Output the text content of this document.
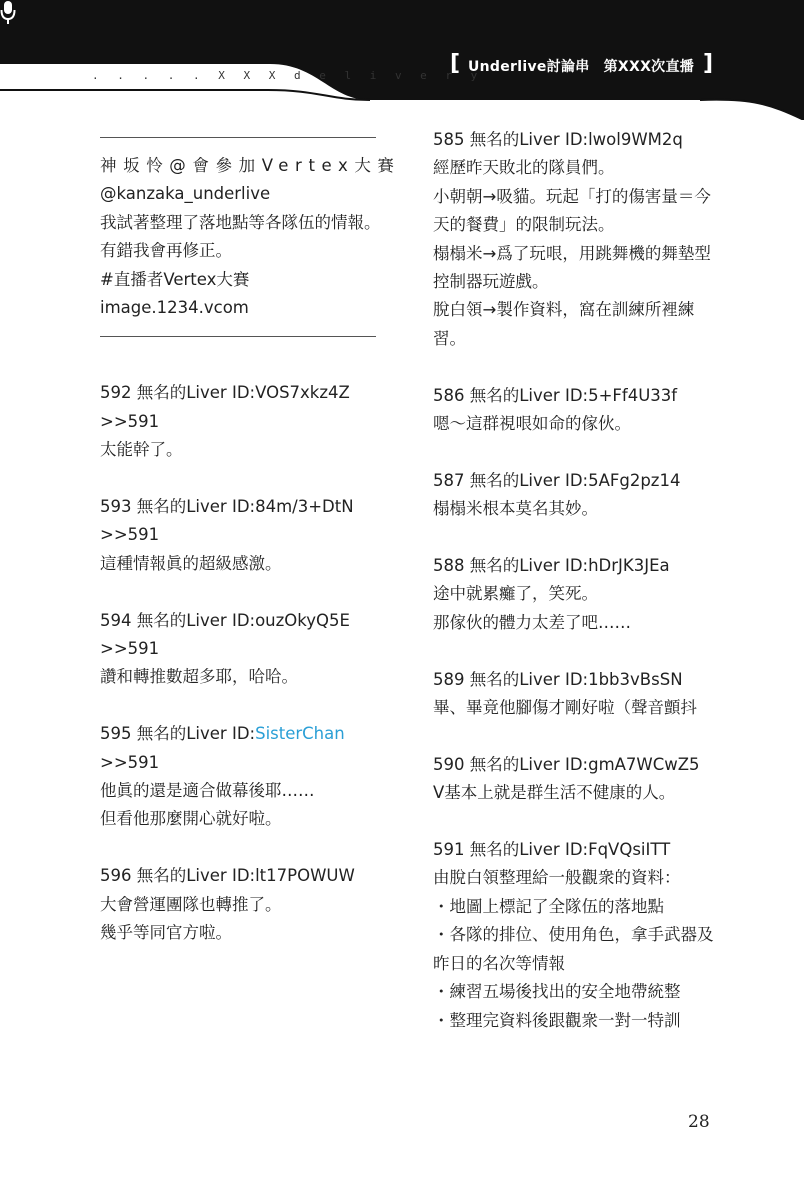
. . . . . X X X d e l i v e r y
[ Underlive討論串 第XXX次直播 ]
神坂怜@會參加Vertex大賽
@kanzaka_underlive
我試著整理了落地點等各隊伍的情報。
有錯我會再修正。
#直播者Vertex大賽
image.1234.vcom
592 無名的Liver ID:VOS7xkz4Z
>>591
太能幹了。
593 無名的Liver ID:84m/3+DtN
>>591
這種情報眞的超級感激。
594 無名的Liver ID:ouzOkyQ5E
>>591
讚和轉推數超多耶，哈哈。
595 無名的Liver ID:SisterChan
>>591
他眞的還是適合做幕後耶……
但看他那麼開心就好啦。
596 無名的Liver ID:lt17POWUW
大會營運團隊也轉推了。
幾乎等同官方啦。
585 無名的Liver ID:lwol9WM2q
經歷昨天敗北的隊員們。
小朝朝→吸貓。玩起「打的傷害量＝今天的餐費」的限制玩法。
榻榻米→爲了玩哏，用跳舞機的舞墊型控制器玩遊戲。
脫白領→製作資料，窩在訓練所裡練習。
586 無名的Liver ID:5+Ff4U33f
嗯～這群視哏如命的傢伙。
587 無名的Liver ID:5AFg2pz14
榻榻米根本莫名其妙。
588 無名的Liver ID:hDrJK3JEa
途中就累癱了，笑死。
那傢伙的體力太差了吧……
589 無名的Liver ID:1bb3vBsSN
畢、畢竟他腳傷才剛好啦（聲音顫抖
590 無名的Liver ID:gmA7WCwZ5
V基本上就是群生活不健康的人。
591 無名的Liver ID:FqVQsiITT
由脫白領整理給一般觀衆的資料：
・地圖上標記了全隊伍的落地點
・各隊的排位、使用角色，拿手武器及昨日的名次等情報
・練習五場後找出的安全地帶統整
・整理完資料後跟觀衆一對一特訓
28
